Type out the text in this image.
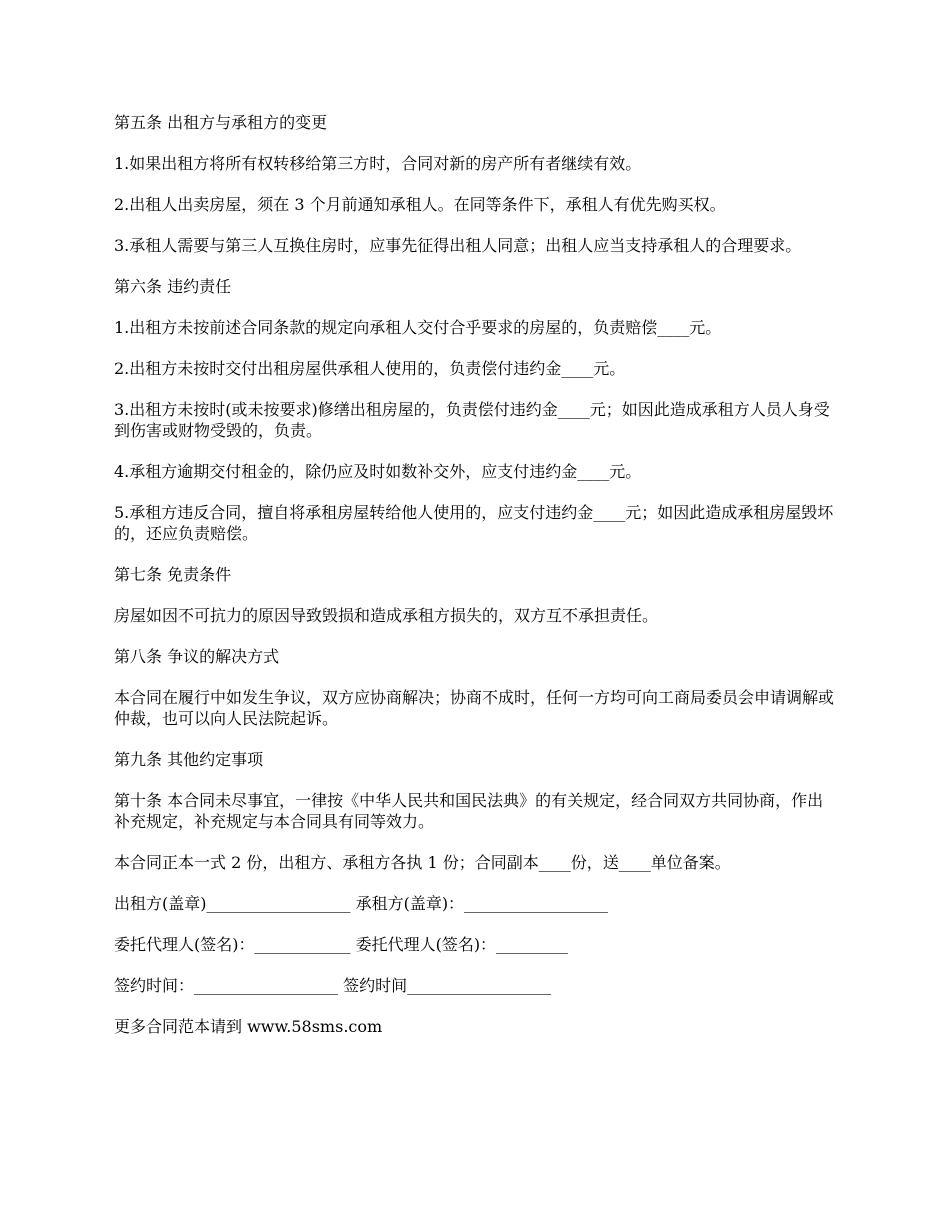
第五条 出租方与承租方的变更

1.如果出租方将所有权转移给第三方时，合同对新的房产所有者继续有效。

2.出租人出卖房屋，须在 3 个月前通知承租人。在同等条件下，承租人有优先购买权。

3.承租人需要与第三人互换住房时，应事先征得出租人同意；出租人应当支持承租人的合理要求。

第六条 违约责任

1.出租方未按前述合同条款的规定向承租人交付合乎要求的房屋的，负责赔偿____元。

2.出租方未按时交付出租房屋供承租人使用的，负责偿付违约金____元。

3.出租方未按时(或未按要求)修缮出租房屋的，负责偿付违约金____元；如因此造成承租方人员人身受到伤害或财物受毁的，负责。

4.承租方逾期交付租金的，除仍应及时如数补交外，应支付违约金____元。

5.承租方违反合同，擅自将承租房屋转给他人使用的，应支付违约金____元；如因此造成承租房屋毁坏的，还应负责赔偿。

第七条 免责条件

房屋如因不可抗力的原因导致毁损和造成承租方损失的，双方互不承担责任。

第八条 争议的解决方式

本合同在履行中如发生争议，双方应协商解决；协商不成时，任何一方均可向工商局委员会申请调解或仲裁，也可以向人民法院起诉。

第九条 其他约定事项

第十条 本合同未尽事宜，一律按《中华人民共和国民法典》的有关规定，经合同双方共同协商，作出补充规定，补充规定与本合同具有同等效力。

本合同正本一式 2 份，出租方、承租方各执 1 份；合同副本____份，送____单位备案。

出租方(盖章)__________________ 承租方(盖章)：__________________

委托代理人(签名)：____________ 委托代理人(签名)：_________

签约时间：__________________ 签约时间__________________

更多合同范本请到 www.58sms.com
